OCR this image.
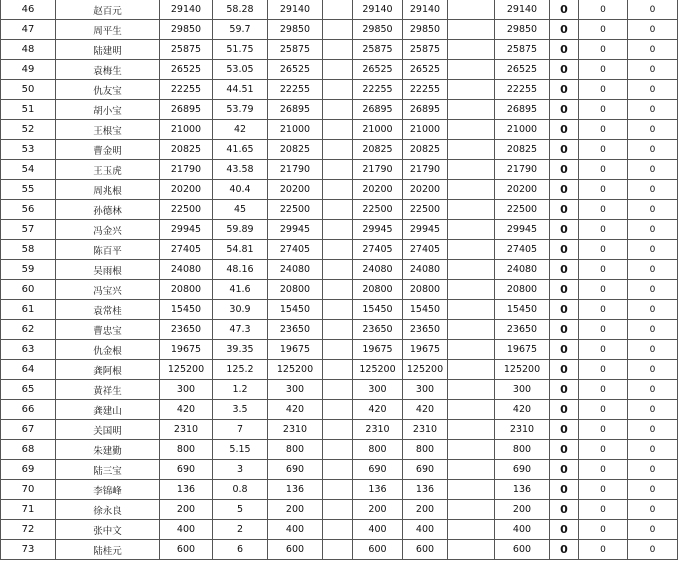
46	赵百元	29140	58.28	29140		29140	29140		29140	0	0	0
47	周平生	29850	59.7	29850		29850	29850		29850	0	0	0
48	陆建明	25875	51.75	25875		25875	25875		25875	0	0	0
49	袁梅生	26525	53.05	26525		26525	26525		26525	0	0	0
50	仇友宝	22255	44.51	22255		22255	22255		22255	0	0	0
51	胡小宝	26895	53.79	26895		26895	26895		26895	0	0	0
52	王根宝	21000	42	21000		21000	21000		21000	0	0	0
53	曹金明	20825	41.65	20825		20825	20825		20825	0	0	0
54	王玉虎	21790	43.58	21790		21790	21790		21790	0	0	0
55	周兆根	20200	40.4	20200		20200	20200		20200	0	0	0
56	孙德林	22500	45	22500		22500	22500		22500	0	0	0
57	冯金兴	29945	59.89	29945		29945	29945		29945	0	0	0
58	陈百平	27405	54.81	27405		27405	27405		27405	0	0	0
59	吴雨根	24080	48.16	24080		24080	24080		24080	0	0	0
60	冯宝兴	20800	41.6	20800		20800	20800		20800	0	0	0
61	袁常桂	15450	30.9	15450		15450	15450		15450	0	0	0
62	曹忠宝	23650	47.3	23650		23650	23650		23650	0	0	0
63	仇金根	19675	39.35	19675		19675	19675		19675	0	0	0
64	龚阿根	125200	125.2	125200		125200	125200		125200	0	0	0
65	黄祥生	300	1.2	300		300	300		300	0	0	0
66	龚建山	420	3.5	420		420	420		420	0	0	0
67	关国明	2310	7	2310		2310	2310		2310	0	0	0
68	朱建勤	800	5.15	800		800	800		800	0	0	0
69	陆三宝	690	3	690		690	690		690	0	0	0
70	李锦峰	136	0.8	136		136	136		136	0	0	0
71	徐永良	200	5	200		200	200		200	0	0	0
72	张中文	400	2	400		400	400		400	0	0	0
73	陆桂元	600	6	600		600	600		600	0	0	0
